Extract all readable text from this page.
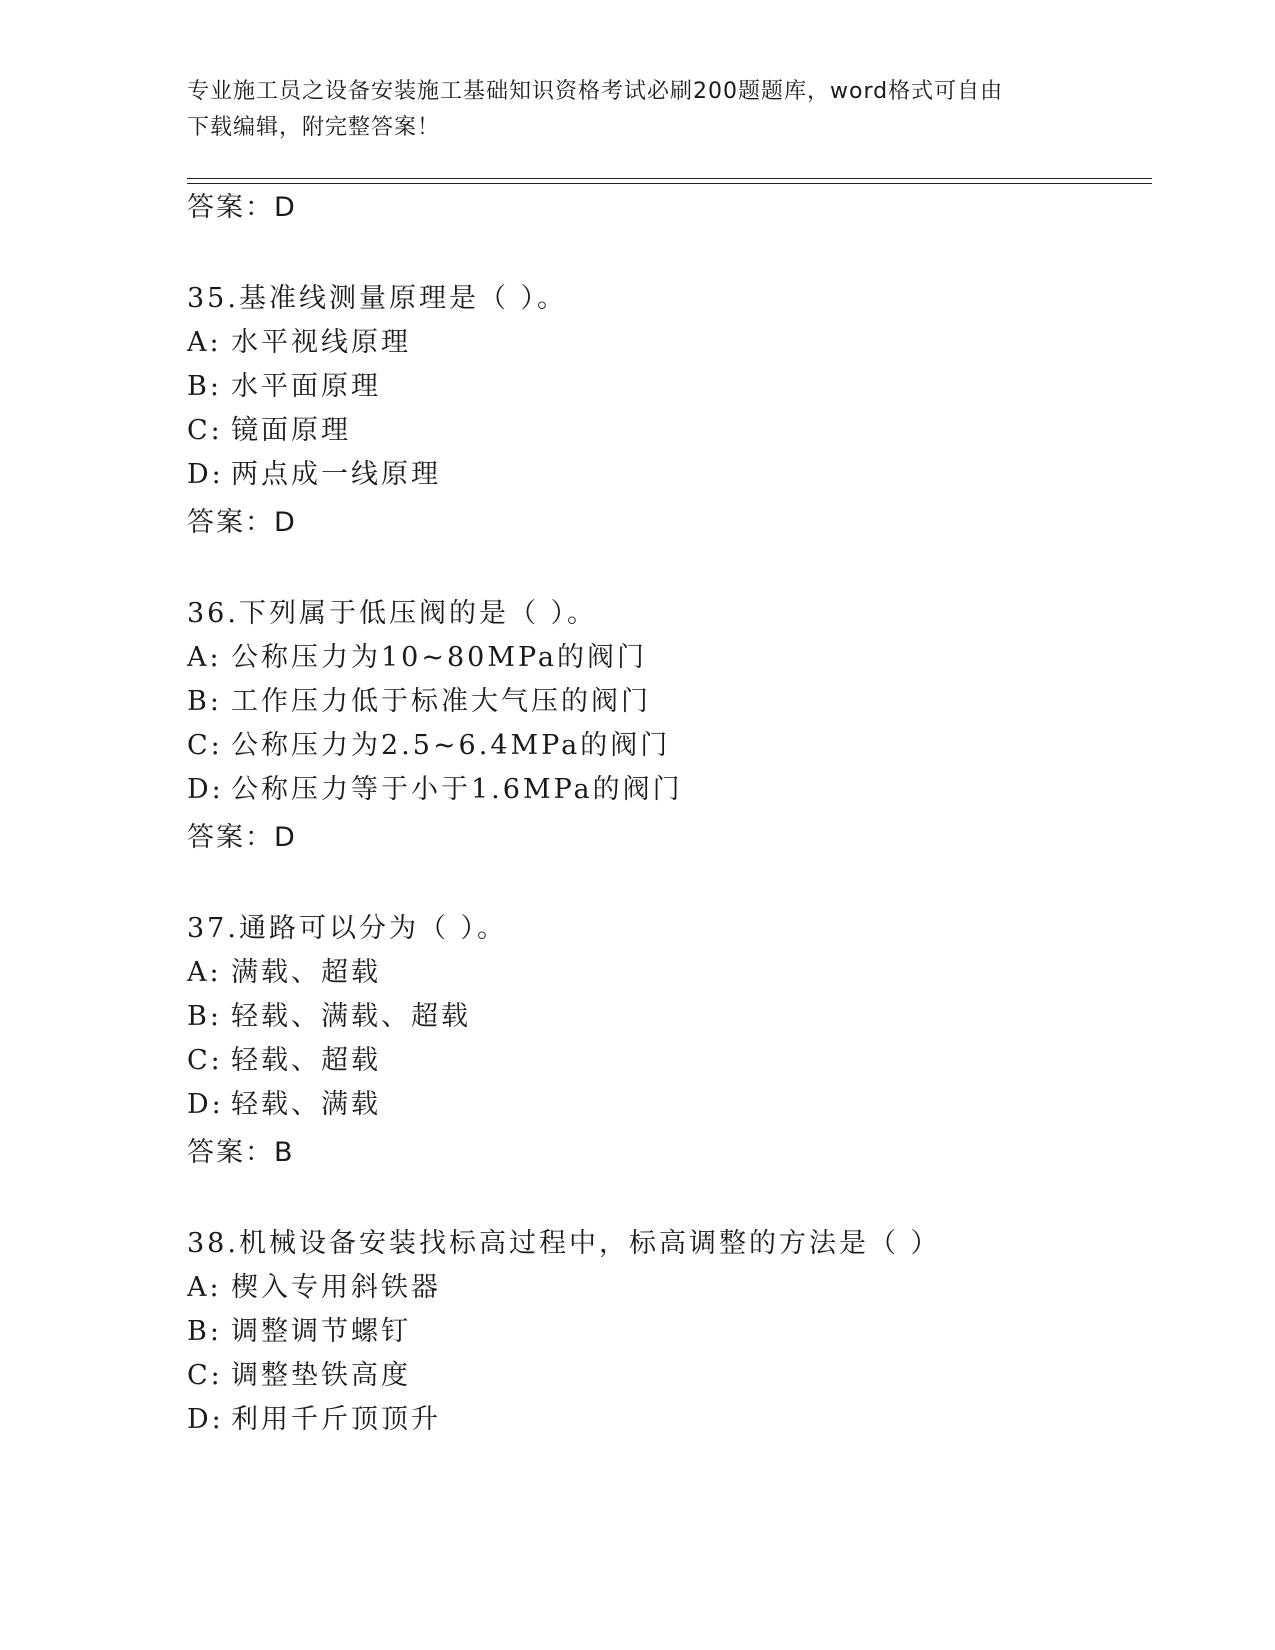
专业施工员之设备安装施工基础知识资格考试必刷200题题库，word格式可自由
下载编辑，附完整答案！
答案：D
35.基准线测量原理是（ ）。
A: 水平视线原理
B: 水平面原理
C: 镜面原理
D: 两点成一线原理
答案：D
36.下列属于低压阀的是（ ）。
A: 公称压力为10~80MPa的阀门
B: 工作压力低于标准大气压的阀门
C: 公称压力为2.5~6.4MPa的阀门
D: 公称压力等于小于1.6MPa的阀门
答案：D
37.通路可以分为（ ）。
A: 满载、超载
B: 轻载、满载、超载
C: 轻载、超载
D: 轻载、满载
答案：B
38.机械设备安装找标高过程中，标高调整的方法是（ ）
A: 楔入专用斜铁器
B: 调整调节螺钉
C: 调整垫铁高度
D: 利用千斤顶顶升
